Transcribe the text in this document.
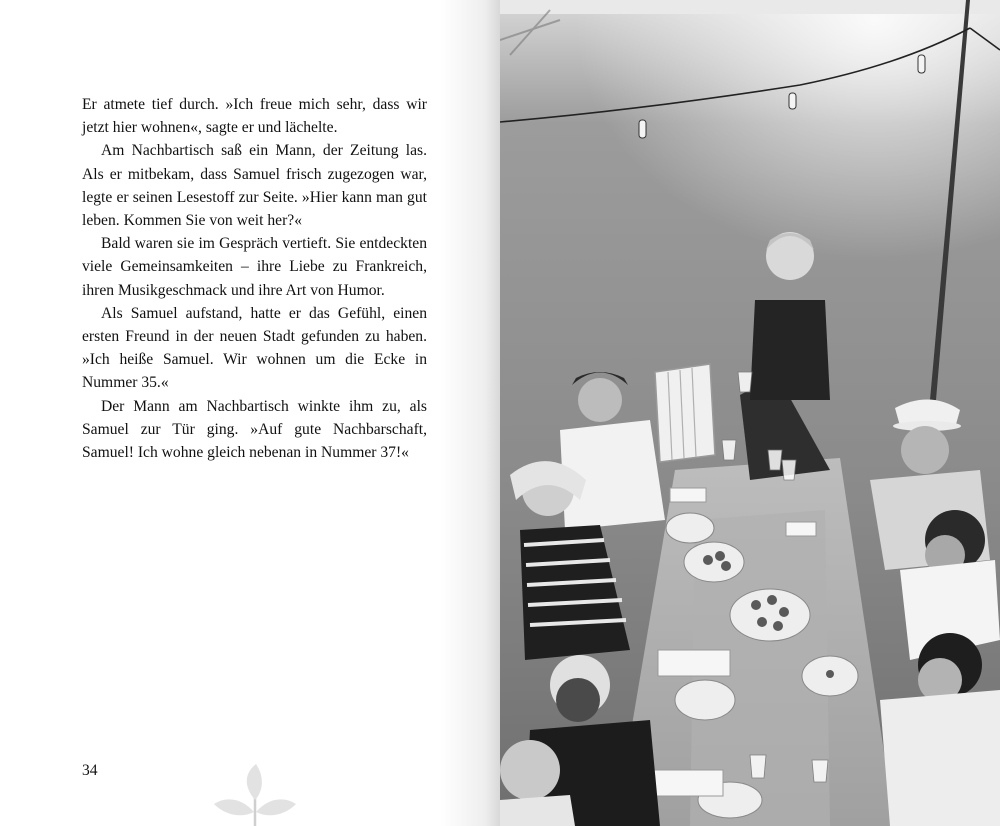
Er atmete tief durch. »Ich freue mich sehr, dass wir jetzt hier wohnen«, sagte er und lächelte.

Am Nachbartisch saß ein Mann, der Zeitung las. Als er mitbekam, dass Samuel frisch zugezogen war, legte er seinen Lesestoff zur Seite. »Hier kann man gut leben. Kommen Sie von weit her?«

Bald waren sie im Gespräch vertieft. Sie entdeckten viele Gemeinsamkeiten – ihre Liebe zu Frankreich, ihren Musikgeschmack und ihre Art von Humor.

Als Samuel aufstand, hatte er das Gefühl, einen ersten Freund in der neuen Stadt gefunden zu haben. »Ich heiße Samuel. Wir wohnen um die Ecke in Nummer 35.«

Der Mann am Nachbartisch winkte ihm zu, als Samuel zur Tür ging. »Auf gute Nachbarschaft, Samuel! Ich wohne gleich nebenan in Nummer 37!«

34
